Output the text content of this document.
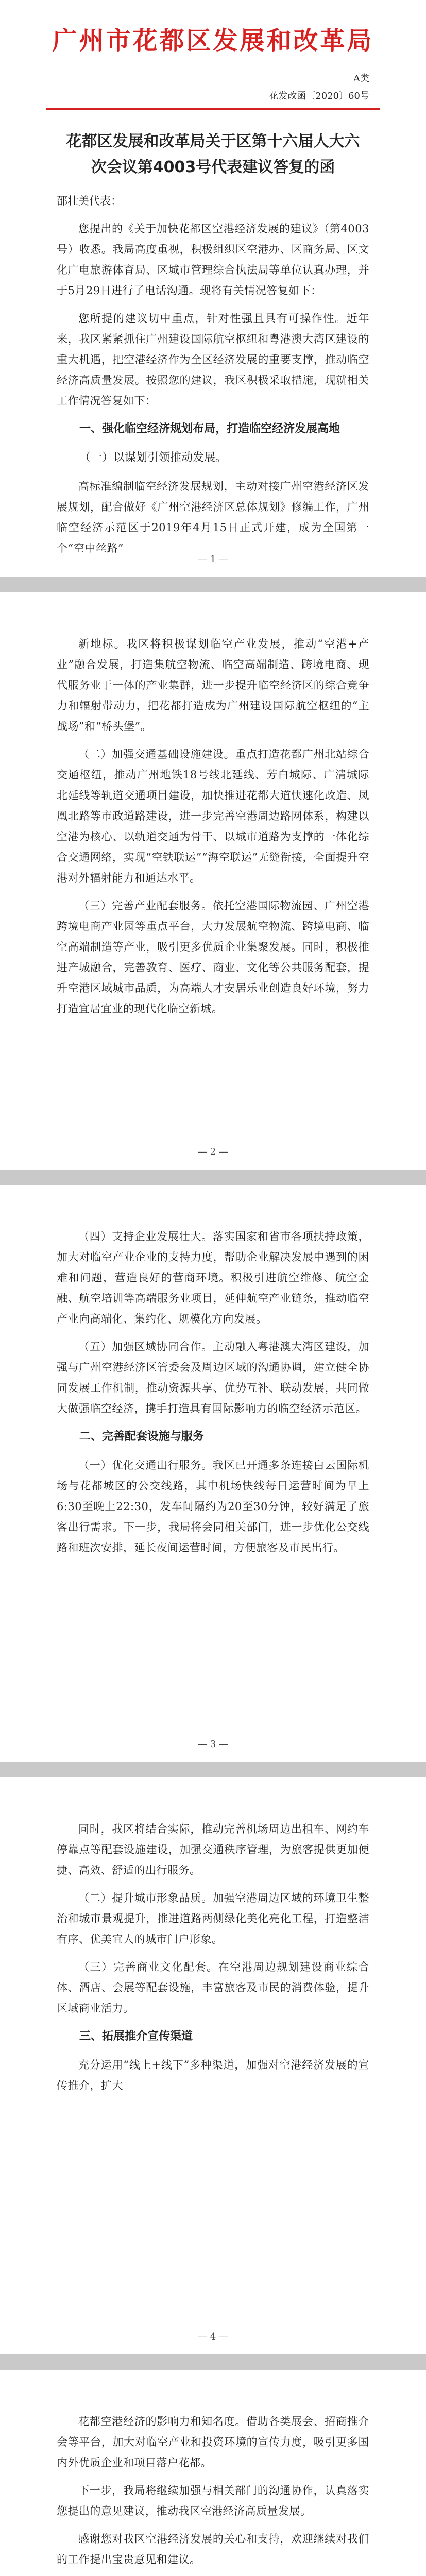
广州市花都区发展和改革局
A类
花发改函〔2020〕60号
花都区发展和改革局关于区第十六届人大六次会议第4003号代表建议答复的函
邵壮美代表：

您提出的《关于加快花都区空港经济发展的建议》（第4003号）收悉。我局高度重视，积极组织区空港办、区商务局、区文化广电旅游体育局、区城市管理综合执法局等单位认真办理，并于5月29日进行了电话沟通。现将有关情况答复如下：

您所提的建议切中重点，针对性强且具有可操作性。近年来，我区紧紧抓住广州建设国际航空枢纽和粤港澳大湾区建设的重大机遇，把空港经济作为全区经济发展的重要支撑，推动临空经济高质量发展。按照您的建议，我区积极采取措施，现就相关工作情况答复如下：

一、强化临空经济规划布局，打造临空经济发展高地
（一）以谋划引领推动发展。

高标准编制临空经济发展规划，主动对接广州空港经济区发展规划，配合做好《广州空港经济区总体规划》修编工作，广州临空经济示范区于2019年4月15日正式开建，成为全国第一个“空中丝路”

— 1 —

新地标。我区将积极谋划临空产业发展，推动“空港+产业”融合发展，打造集航空物流、临空高端制造、跨境电商、现代服务业于一体的产业集群，进一步提升临空经济区的综合竞争力和辐射带动力，把花都打造成为广州建设国际航空枢纽的“主战场”和“桥头堡”。

（二）加强交通基础设施建设。重点打造花都广州北站综合交通枢纽，推动广州地铁18号线北延线、芳白城际、广清城际北延线等轨道交通项目建设，加快推进花都大道快速化改造、凤凰北路等市政道路建设，进一步完善空港周边路网体系，构建以空港为核心、以轨道交通为骨干、以城市道路为支撑的一体化综合交通网络，实现“空铁联运”“海空联运”无缝衔接，全面提升空港对外辐射能力和通达水平。

（三）完善产业配套服务。依托空港国际物流园、广州空港跨境电商产业园等重点平台，大力发展航空物流、跨境电商、临空高端制造等产业，吸引更多优质企业集聚发展。同时，积极推进产城融合，完善教育、医疗、商业、文化等公共服务配套，提升空港区域城市品质，为高端人才安居乐业创造良好环境，努力打造宜居宜业的现代化临空新城。

— 2 —

（四）支持企业发展壮大。落实国家和省市各项扶持政策，加大对临空产业企业的支持力度，帮助企业解决发展中遇到的困难和问题，营造良好的营商环境。积极引进航空维修、航空金融、航空培训等高端服务业项目，延伸航空产业链条，推动临空产业向高端化、集约化、规模化方向发展。

（五）加强区域协同合作。主动融入粤港澳大湾区建设，加强与广州空港经济区管委会及周边区域的沟通协调，建立健全协同发展工作机制，推动资源共享、优势互补、联动发展，共同做大做强临空经济，携手打造具有国际影响力的临空经济示范区。

二、完善配套设施与服务

（一）优化交通出行服务。我区已开通多条连接白云国际机场与花都城区的公交线路，其中机场快线每日运营时间为早上6:30至晚上22:30，发车间隔约为20至30分钟，较好满足了旅客出行需求。下一步，我局将会同相关部门，进一步优化公交线路和班次安排，延长夜间运营时间，方便旅客及市民出行。

— 3 —

同时，我区将结合实际，推动完善机场周边出租车、网约车停靠点等配套设施建设，加强交通秩序管理，为旅客提供更加便捷、高效、舒适的出行服务。

（二）提升城市形象品质。加强空港周边区域的环境卫生整治和城市景观提升，推进道路两侧绿化美化亮化工程，打造整洁有序、优美宜人的城市门户形象。

（三）完善商业文化配套。在空港周边规划建设商业综合体、酒店、会展等配套设施，丰富旅客及市民的消费体验，提升区域商业活力。

三、拓展推介宣传渠道

充分运用“线上+线下”多种渠道，加强对空港经济发展的宣传推介，扩大

— 4 —

花都空港经济的影响力和知名度。借助各类展会、招商推介会等平台，加大对临空产业和投资环境的宣传力度，吸引更多国内外优质企业和项目落户花都。

下一步，我局将继续加强与相关部门的沟通协作，认真落实您提出的意见建议，推动我区空港经济高质量发展。

感谢您对我区空港经济发展的关心和支持，欢迎继续对我们的工作提出宝贵意见和建议。
